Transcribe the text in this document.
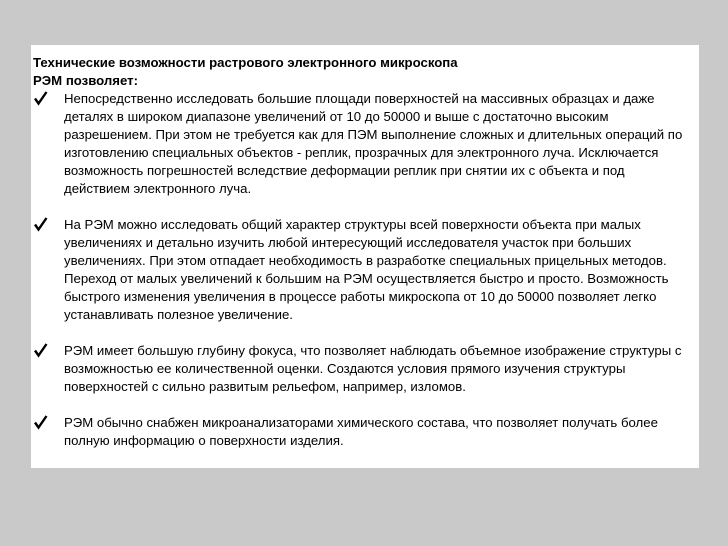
Технические возможности растрового электронного микроскопа
РЭМ позволяет:
Непосредственно исследовать большие площади поверхностей на массивных образцах и даже деталях в широком диапазоне увеличений от 10 до 50000 и выше с достаточно высоким разрешением. При этом не требуется как для ПЭМ выполнение сложных и длительных операций по изготовлению специальных объектов - реплик, прозрачных для электронного луча. Исключается возможность погрешностей вследствие деформации реплик при снятии их с объекта и под действием электронного луча.
На РЭМ можно исследовать общий характер структуры всей поверхности объекта при малых увеличениях и детально изучить любой интересующий исследователя участок при больших увеличениях. При этом отпадает необходимость в разработке специальных прицельных методов. Переход от малых увеличений к большим на РЭМ осуществляется быстро и просто. Возможность быстрого изменения увеличения в процессе работы микроскопа от 10 до 50000 позволяет легко устанавливать полезное увеличение.
РЭМ имеет большую глубину фокуса, что позволяет наблюдать объемное изображение структуры с возможностью ее количественной оценки. Создаются условия прямого изучения структуры поверхностей с сильно развитым рельефом, например, изломов.
РЭМ обычно снабжен микроанализаторами химического состава, что позволяет получать более полную информацию о поверхности изделия.
